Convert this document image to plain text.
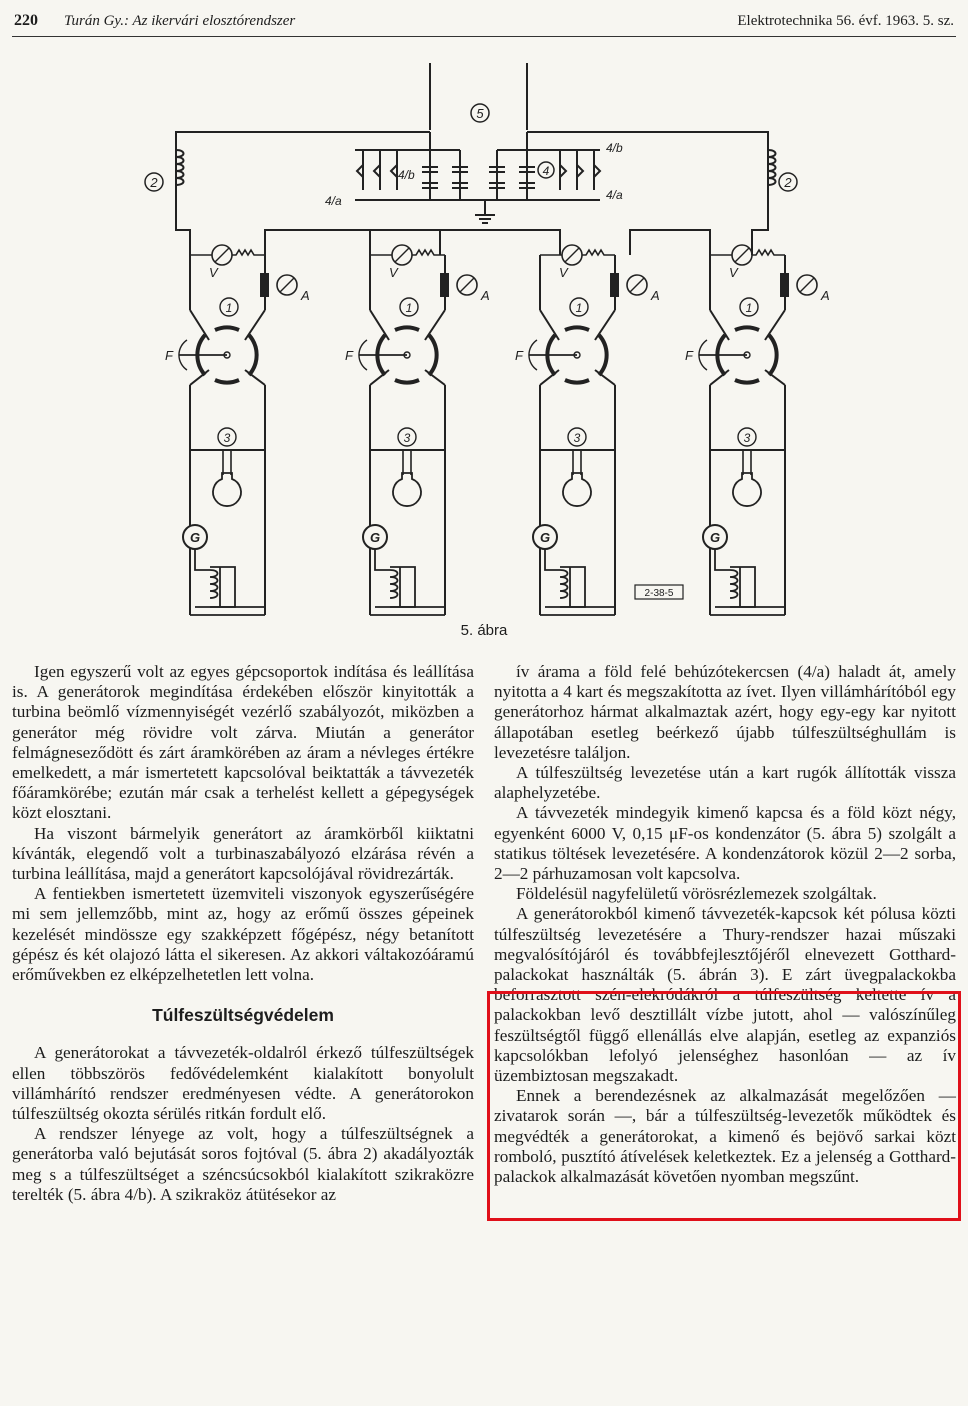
220 Turán Gy.: Az ikervári elosztórendszer	Elektrotechnika 56. évf. 1963. 5. sz.
V
A
1
F
3
G
V
A
1
F
3
G
V
A
1
F
3
G
V
A
1
F
3
G
5
2	2
4/a
4/b	4
4/b
4/a
2-38-5
5. ábra

Igen egyszerű volt az egyes gépcsoportok indítása és leállítása is. A generátorok megindítása érdekében először kinyitották a turbina beömlő vízmennyiségét vezérlő szabályozót, miközben a generátor még rövidre volt zárva. Miután a generátor felmágneseződött és zárt áramkörében az áram a névleges értékre emelkedett, a már ismertetett kapcsolóval beiktatták a távvezeték főáramkörébe; ezután már csak a terhelést kellett a gépegységek közt elosztani.

Ha viszont bármelyik generátort az áramkörből kiiktatni kívánták, elegendő volt a turbinaszabályozó elzárása révén a turbina leállítása, majd a generátort kapcsolójával rövidrezárták.

A fentiekben ismertetett üzemviteli viszonyok egyszerűségére mi sem jellemzőbb, mint az, hogy az erőmű összes gépeinek kezelését mindössze egy szakképzett főgépész, négy betanított gépész és két olajozó látta el sikeresen. Az akkori váltakozóáramú erőművekben ez elképzelhetetlen lett volna.

Túlfeszültségvédelem

A generátorokat a távvezeték-oldalról érkező túlfeszültségek ellen többszörös fedővédelemként kialakított bonyolult villámhárító rendszer eredményesen védte. A generátorokon túlfeszültség okozta sérülés ritkán fordult elő.

A rendszer lényege az volt, hogy a túlfeszültségnek a generátorba való bejutását soros fojtóval (5. ábra 2) akadályozták meg s a túlfeszültséget a széncsúcsokból kialakított szikraközre terelték (5. ábra 4/b). A szikraköz átütésekor az

ív árama a föld felé behúzótekercsen (4/a) haladt át, amely nyitotta a 4 kart és megszakította az ívet. Ilyen villámhárítóból egy generátorhoz hármat alkalmaztak azért, hogy egy-egy kar nyitott állapotában esetleg beérkező újabb túlfeszültséghullám is levezetésre találjon.

A túlfeszültség levezetése után a kart rugók állították vissza alaphelyzetébe.

A távvezeték mindegyik kimenő kapcsa és a föld közt négy, egyenként 6000 V, 0,15 μF-os kondenzátor (5. ábra 5) szolgált a statikus töltések levezetésére. A kondenzátorok közül 2—2 sorba, 2—2 párhuzamosan volt kapcsolva.

Földelésül nagyfelületű vörösrézlemezek szolgáltak.

A generátorokból kimenő távvezeték-kapcsok két pólusa közti túlfeszültség levezetésére a Thury-rendszer hazai műszaki megvalósítójáról és továbbfejlesztőjéről elnevezett Gotthard-palackokat használták (5. ábrán 3). E zárt üvegpalackokba beforrasztott szén-elekródákról a túlfeszültség keltette ív a palackokban levő desztillált vízbe jutott, ahol — valószínűleg feszültségtől függő ellenállás elve alapján, esetleg az expanziós kapcsolókban lefolyó jelenséghez hasonlóan — az ív üzembiztosan megszakadt.

Ennek a berendezésnek az alkalmazását megelőzően — zivatarok során —, bár a túlfeszültség-levezetők működtek és megvédték a generátorokat, a kimenő és bejövő sarkai közt romboló, pusztító átívelések keletkeztek. Ez a jelenség a Gotthard-palackok alkalmazását követően nyomban megszűnt.
